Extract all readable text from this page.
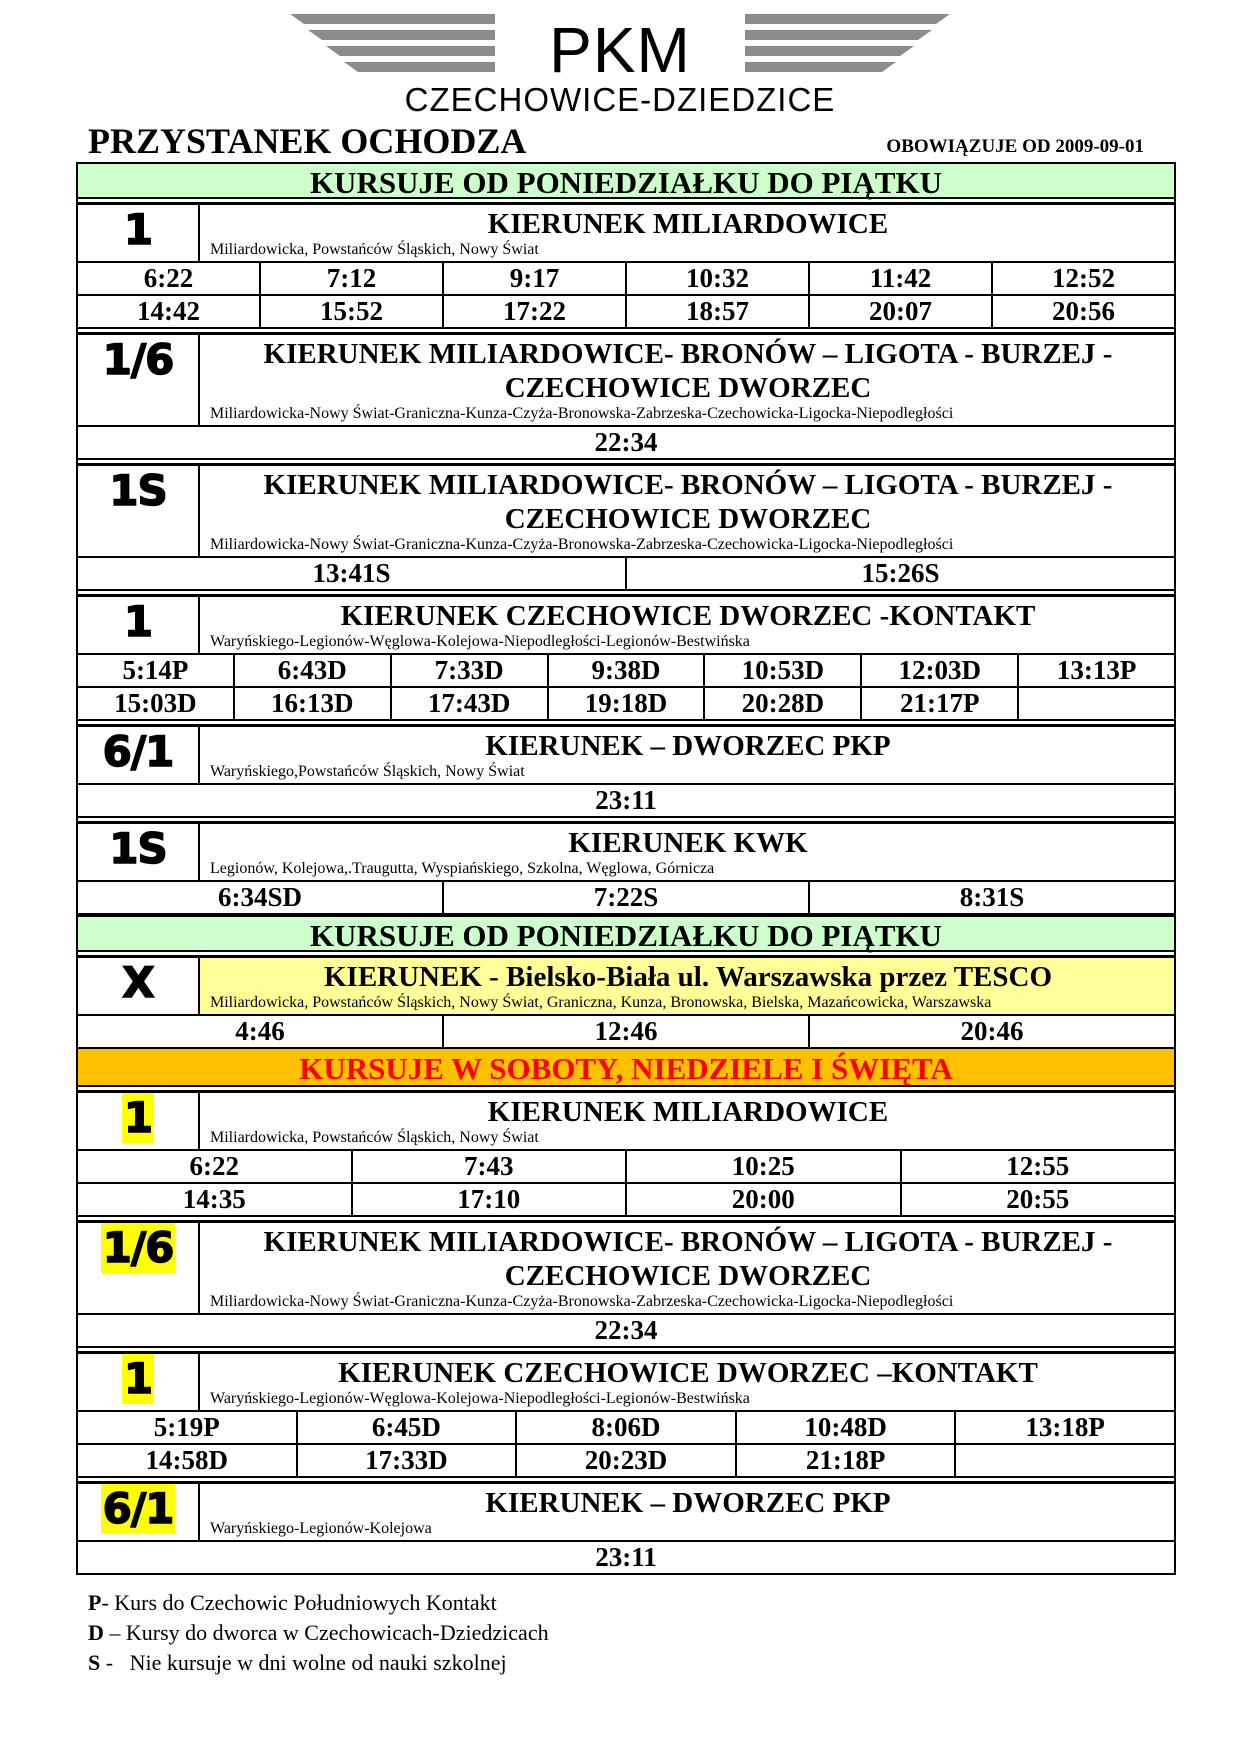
PKM
CZECHOWICE-DZIEDZICE
PRZYSTANEK OCHODZA	OBOWIĄZUJE OD 2009-09-01
KURSUJE OD PONIEDZIAŁKU DO PIĄTKU
1	KIERUNEK MILIARDOWICE
Miliardowicka, Powstańców Śląskich, Nowy Świat
6:22	7:12	9:17	10:32	11:42	12:52
14:42	15:52	17:22	18:57	20:07	20:56
1/6	KIERUNEK MILIARDOWICE- BRONÓW – LIGOTA - BURZEJ -
CZECHOWICE DWORZEC
Miliardowicka-Nowy Świat-Graniczna-Kunza-Czyża-Bronowska-Zabrzeska-Czechowicka-Ligocka-Niepodległości
22:34
1S	KIERUNEK MILIARDOWICE- BRONÓW – LIGOTA - BURZEJ -
CZECHOWICE DWORZEC
Miliardowicka-Nowy Świat-Graniczna-Kunza-Czyża-Bronowska-Zabrzeska-Czechowicka-Ligocka-Niepodległości
13:41S	15:26S
1	KIERUNEK CZECHOWICE DWORZEC -KONTAKT
Waryńskiego-Legionów-Węglowa-Kolejowa-Niepodległości-Legionów-Bestwińska
5:14P	6:43D	7:33D	9:38D	10:53D	12:03D	13:13P
15:03D	16:13D	17:43D	19:18D	20:28D	21:17P
6/1	KIERUNEK – DWORZEC PKP
Waryńskiego,Powstańców Śląskich, Nowy Świat
23:11
1S	KIERUNEK KWK
Legionów, Kolejowa,.Traugutta, Wyspiańskiego, Szkolna, Węglowa, Górnicza
6:34SD	7:22S	8:31S
KURSUJE OD PONIEDZIAŁKU DO PIĄTKU
X	KIERUNEK - Bielsko-Biała ul. Warszawska przez TESCO
Miliardowicka, Powstańców Śląskich, Nowy Świat, Graniczna, Kunza, Bronowska, Bielska, Mazańcowicka, Warszawska
4:46	12:46	20:46
KURSUJE W SOBOTY, NIEDZIELE I ŚWIĘTA
1	KIERUNEK MILIARDOWICE
Miliardowicka, Powstańców Śląskich, Nowy Świat
6:22	7:43	10:25	12:55
14:35	17:10	20:00	20:55
1/6	KIERUNEK MILIARDOWICE- BRONÓW – LIGOTA - BURZEJ -
CZECHOWICE DWORZEC
Miliardowicka-Nowy Świat-Graniczna-Kunza-Czyża-Bronowska-Zabrzeska-Czechowicka-Ligocka-Niepodległości
22:34
1	KIERUNEK CZECHOWICE DWORZEC –KONTAKT
Waryńskiego-Legionów-Węglowa-Kolejowa-Niepodległości-Legionów-Bestwińska
5:19P	6:45D	8:06D	10:48D	13:18P
14:58D	17:33D	20:23D	21:18P
6/1	KIERUNEK – DWORZEC PKP
Waryńskiego-Legionów-Kolejowa
23:11
P- Kurs do Czechowic Południowych Kontakt
D – Kursy do dworca w Czechowicach-Dziedzicach
S -   Nie kursuje w dni wolne od nauki szkolnej
